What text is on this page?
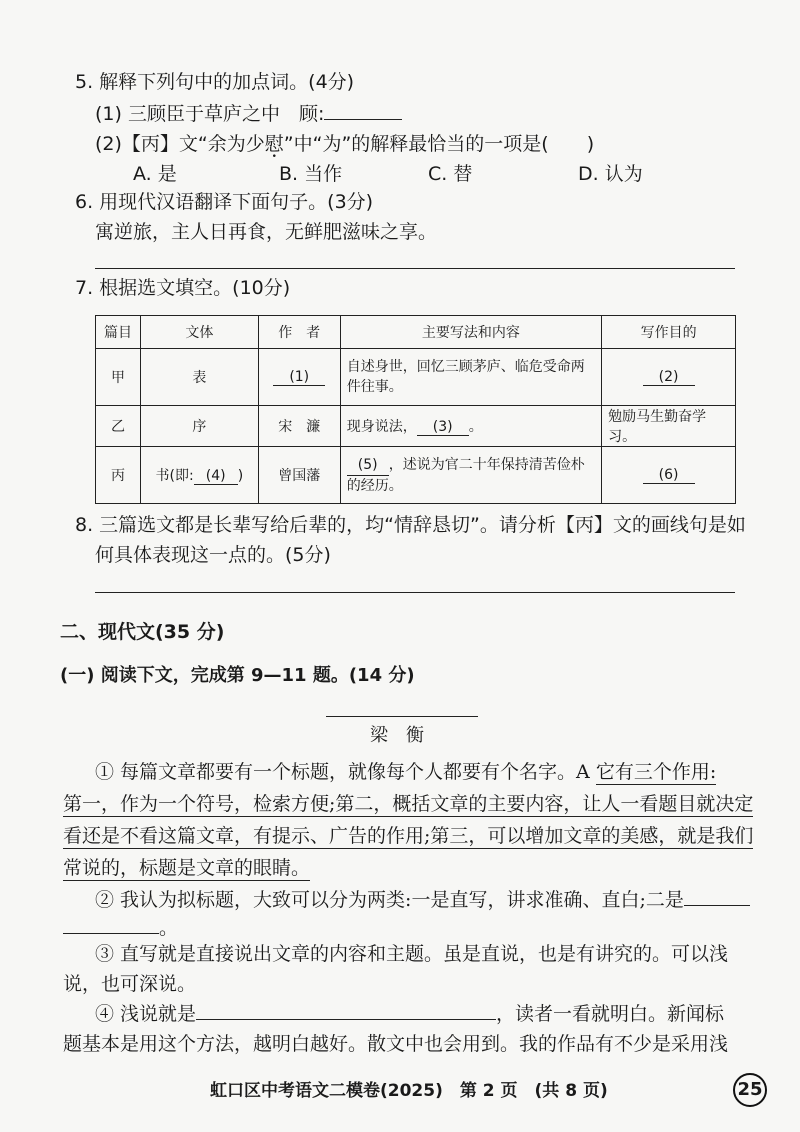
5. 解释下列句中的加点词。(4分)
(1) 三顾臣于草庐之中　顾:
(2)【丙】文“余为少慰”中“为”的解释最恰当的一项是(　　)
A. 是	B. 当作	C. 替	D. 认为
6. 用现代汉语翻译下面句子。(3分)
寓逆旅，主人日再食，无鲜肥滋味之享。
7. 根据选文填空。(10分)
篇目	文体	作　者	主要写法和内容	写作目的
甲	表	(1)	自述身世，回忆三顾茅庐、临危受命两件往事。	(2)
乙	序	宋　濂	现身说法， (3) 。	勉励马生勤奋学习。
丙	书(即: (4) )	曾国藩	(5) ，述说为官二十年保持清苦俭朴的经历。	(6)
8. 三篇选文都是长辈写给后辈的，均“情辞恳切”。请分析【丙】文的画线句是如
何具体表现这一点的。(5分)
二、现代文(35 分)
(一) 阅读下文，完成第 9—11 题。(14 分)
梁　衡
① 每篇文章都要有一个标题，就像每个人都要有个名字。A 它有三个作用:
第一，作为一个符号，检索方便;第二，概括文章的主要内容，让人一看题目就决定
看还是不看这篇文章，有提示、广告的作用;第三，可以增加文章的美感，就是我们
常说的，标题是文章的眼睛。
② 我认为拟标题，大致可以分为两类:一是直写，讲求准确、直白;二是
。
③ 直写就是直接说出文章的内容和主题。虽是直说，也是有讲究的。可以浅
说，也可深说。
④ 浅说就是	，读者一看就明白。新闻标
题基本是用这个方法，越明白越好。散文中也会用到。我的作品有不少是采用浅
虹口区中考语文二模卷(2025)　第 2 页　(共 8 页)	25
